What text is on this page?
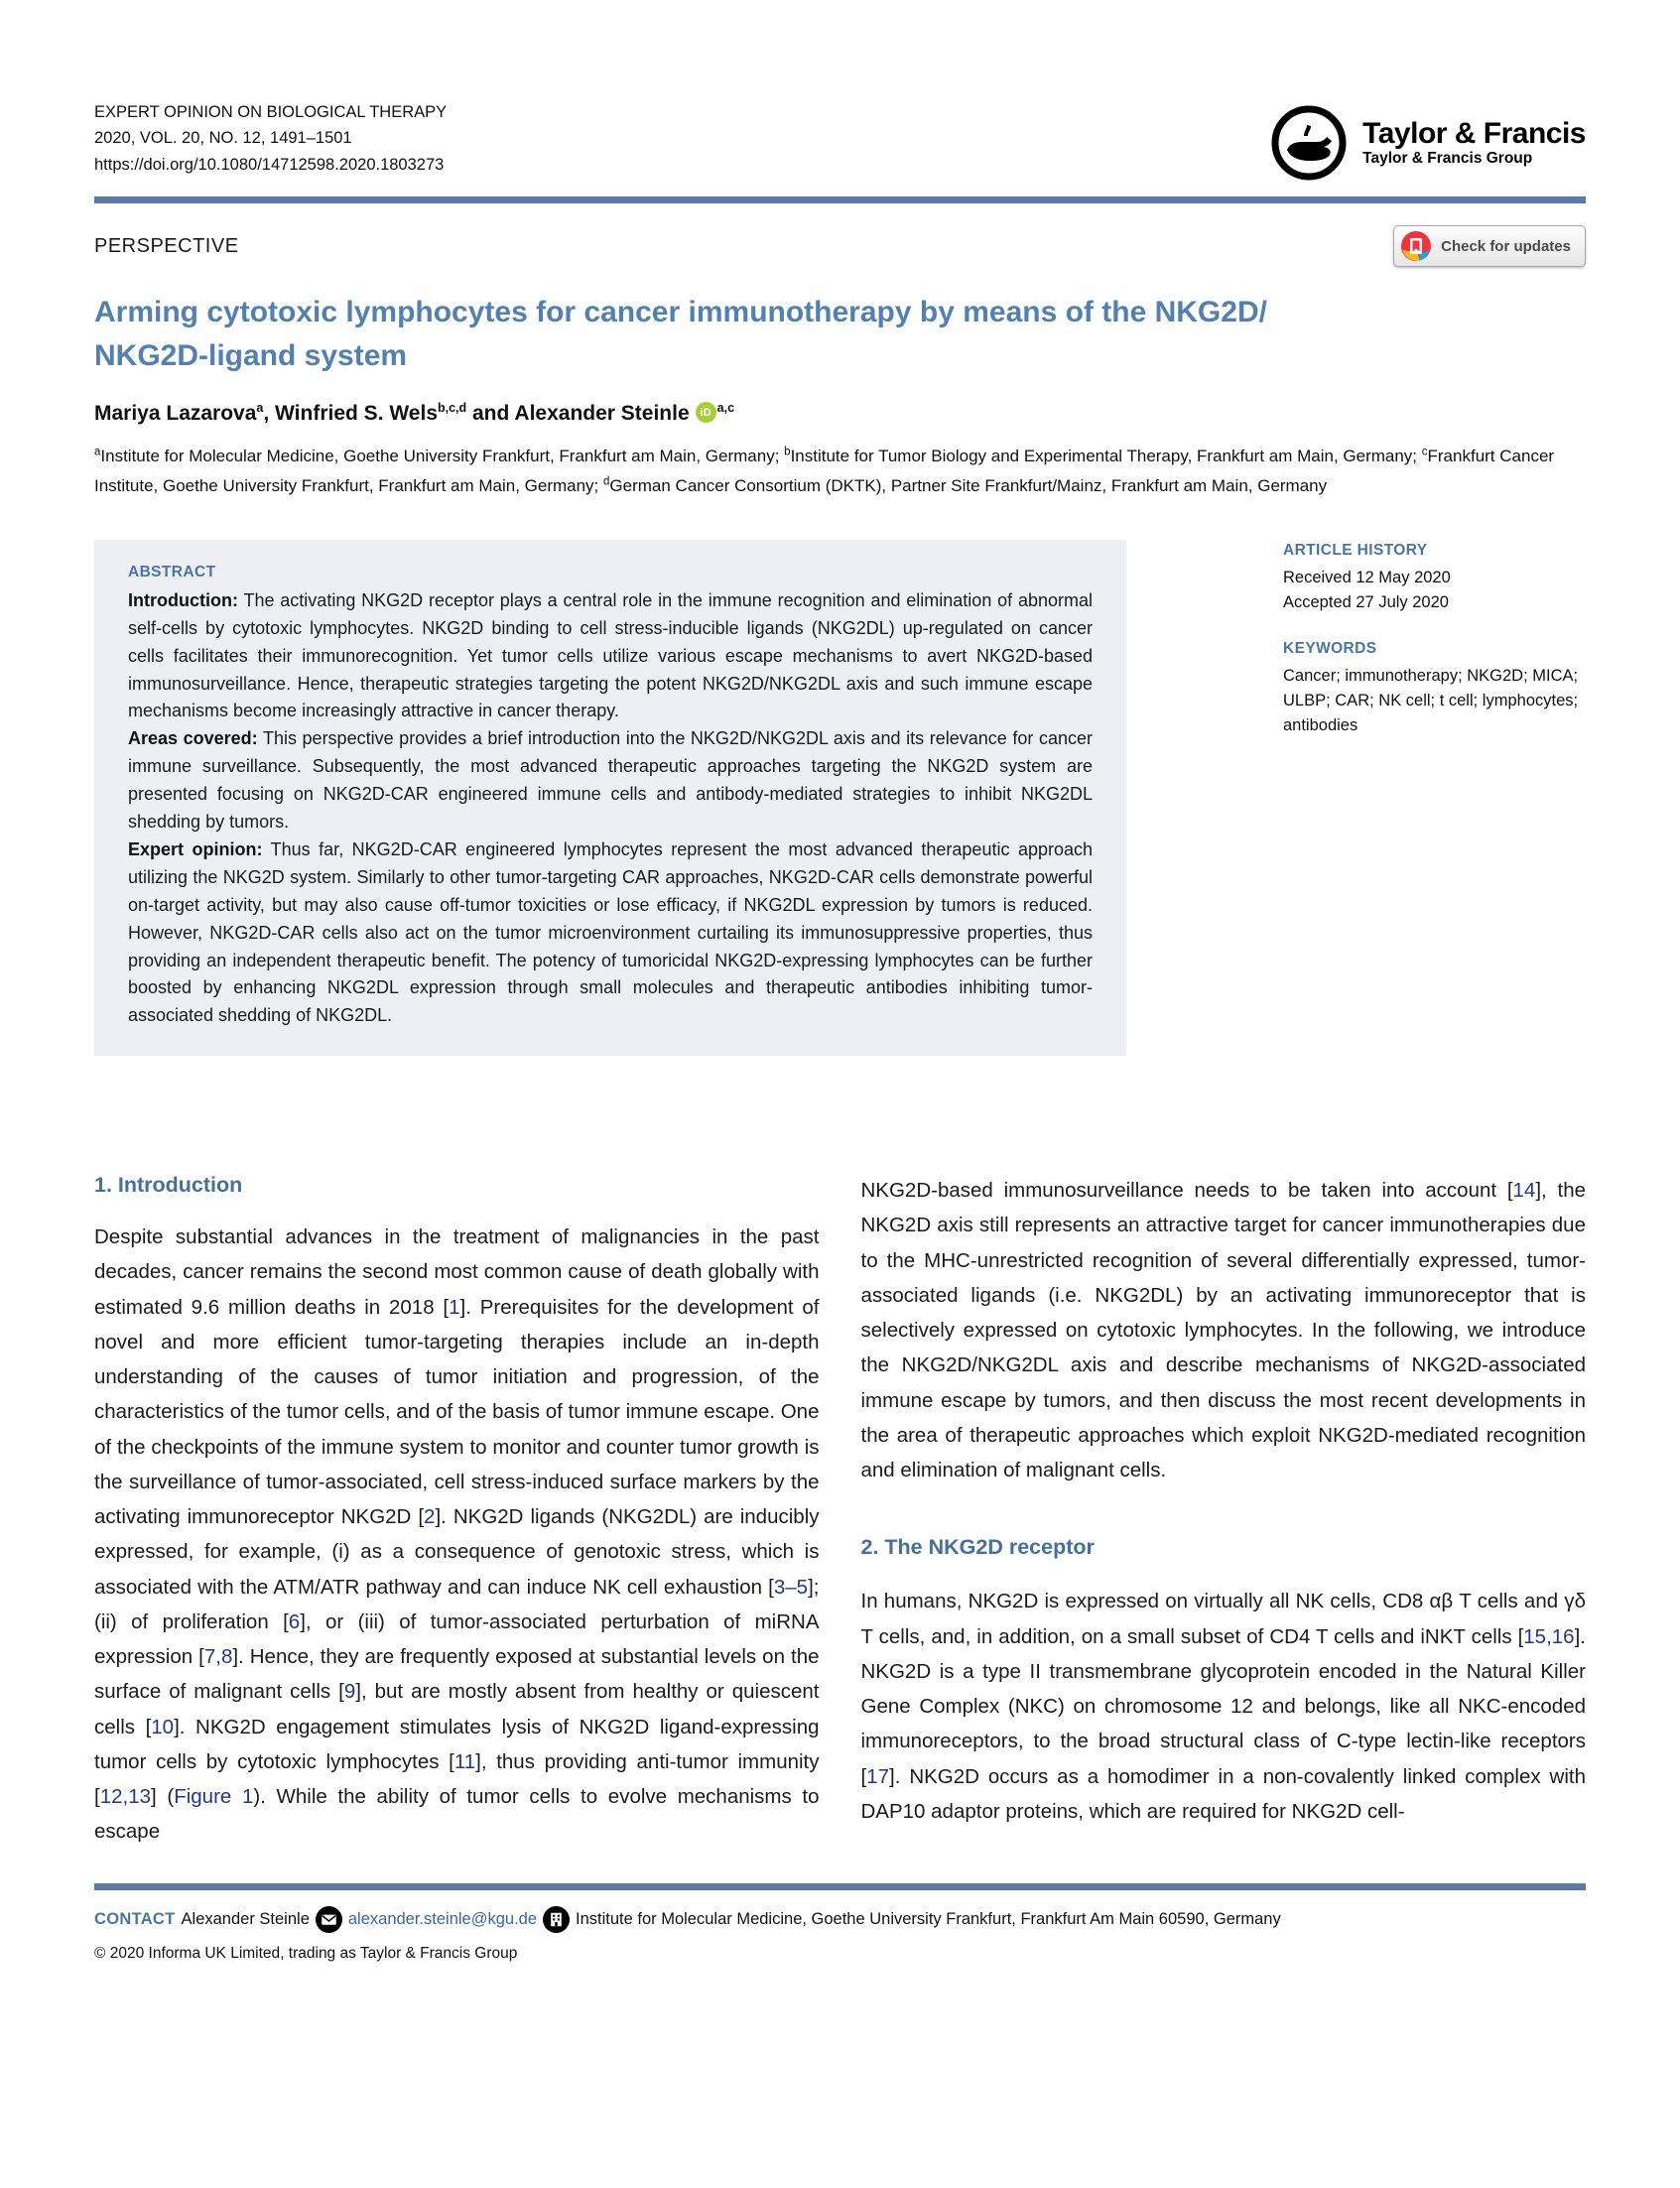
EXPERT OPINION ON BIOLOGICAL THERAPY
2020, VOL. 20, NO. 12, 1491–1501
https://doi.org/10.1080/14712598.2020.1803273
Taylor & Francis
Taylor & Francis Group
PERSPECTIVE	Check for updates
Arming cytotoxic lymphocytes for cancer immunotherapy by means of the NKG2D/
NKG2D-ligand system

Mariya Lazarova$^a$, Winfried S. Wels$^{b,c,d}$ and Alexander Steinle iD $^{a,c}$

$^a$Institute for Molecular Medicine, Goethe University Frankfurt, Frankfurt am Main, Germany; $^b$Institute for Tumor Biology and Experimental Therapy, Frankfurt am Main, Germany; $^c$Frankfurt Cancer Institute, Goethe University Frankfurt, Frankfurt am Main, Germany; $^d$German Cancer Consortium (DKTK), Partner Site Frankfurt/Mainz, Frankfurt am Main, Germany

ABSTRACT

Introduction: The activating NKG2D receptor plays a central role in the immune recognition and elimination of abnormal self-cells by cytotoxic lymphocytes. NKG2D binding to cell stress-inducible ligands (NKG2DL) up-regulated on cancer cells facilitates their immunorecognition. Yet tumor cells utilize various escape mechanisms to avert NKG2D-based immunosurveillance. Hence, therapeutic strategies targeting the potent NKG2D/NKG2DL axis and such immune escape mechanisms become increasingly attractive in cancer therapy.

Areas covered: This perspective provides a brief introduction into the NKG2D/NKG2DL axis and its relevance for cancer immune surveillance. Subsequently, the most advanced therapeutic approaches targeting the NKG2D system are presented focusing on NKG2D-CAR engineered immune cells and antibody-mediated strategies to inhibit NKG2DL shedding by tumors.

Expert opinion: Thus far, NKG2D-CAR engineered lymphocytes represent the most advanced therapeutic approach utilizing the NKG2D system. Similarly to other tumor-targeting CAR approaches, NKG2D-CAR cells demonstrate powerful on-target activity, but may also cause off-tumor toxicities or lose efficacy, if NKG2DL expression by tumors is reduced. However, NKG2D-CAR cells also act on the tumor microenvironment curtailing its immunosuppressive properties, thus providing an independent therapeutic benefit. The potency of tumoricidal NKG2D-expressing lymphocytes can be further boosted by enhancing NKG2DL expression through small molecules and therapeutic antibodies inhibiting tumor-associated shedding of NKG2DL.

ARTICLE HISTORY
Received 12 May 2020
Accepted 27 July 2020
KEYWORDS
Cancer; immunotherapy; NKG2D; MICA; ULBP; CAR; NK cell; t cell; lymphocytes; antibodies
1. Introduction

Despite substantial advances in the treatment of malignancies in the past decades, cancer remains the second most common cause of death globally with estimated 9.6 million deaths in 2018 [1]. Prerequisites for the development of novel and more efficient tumor-targeting therapies include an in-depth understanding of the causes of tumor initiation and progression, of the characteristics of the tumor cells, and of the basis of tumor immune escape. One of the checkpoints of the immune system to monitor and counter tumor growth is the surveillance of tumor-associated, cell stress-induced surface markers by the activating immunoreceptor NKG2D [2]. NKG2D ligands (NKG2DL) are inducibly expressed, for example, (i) as a consequence of genotoxic stress, which is associated with the ATM/ATR pathway and can induce NK cell exhaustion [3–5]; (ii) of proliferation [6], or (iii) of tumor-associated perturbation of miRNA expression [7,8]. Hence, they are frequently exposed at substantial levels on the surface of malignant cells [9], but are mostly absent from healthy or quiescent cells [10]. NKG2D engagement stimulates lysis of NKG2D ligand-expressing tumor cells by cytotoxic lymphocytes [11], thus providing anti-tumor immunity [12,13] (Figure 1). While the ability of tumor cells to evolve mechanisms to escape

NKG2D-based immunosurveillance needs to be taken into account [14], the NKG2D axis still represents an attractive target for cancer immunotherapies due to the MHC-unrestricted recognition of several differentially expressed, tumor-associated ligands (i.e. NKG2DL) by an activating immunoreceptor that is selectively expressed on cytotoxic lymphocytes. In the following, we introduce the NKG2D/NKG2DL axis and describe mechanisms of NKG2D-associated immune escape by tumors, and then discuss the most recent developments in the area of therapeutic approaches which exploit NKG2D-mediated recognition and elimination of malignant cells.

2. The NKG2D receptor

In humans, NKG2D is expressed on virtually all NK cells, CD8 αβ T cells and γδ T cells, and, in addition, on a small subset of CD4 T cells and iNKT cells [15,16]. NKG2D is a type II transmembrane glycoprotein encoded in the Natural Killer Gene Complex (NKC) on chromosome 12 and belongs, like all NKC-encoded immunoreceptors, to the broad structural class of C-type lectin-like receptors [17]. NKG2D occurs as a homodimer in a non-covalently linked complex with DAP10 adaptor proteins, which are required for NKG2D cell-

CONTACT Alexander Steinle alexander.steinle@kgu.de Institute for Molecular Medicine, Goethe University Frankfurt, Frankfurt Am Main 60590, Germany

© 2020 Informa UK Limited, trading as Taylor & Francis Group
